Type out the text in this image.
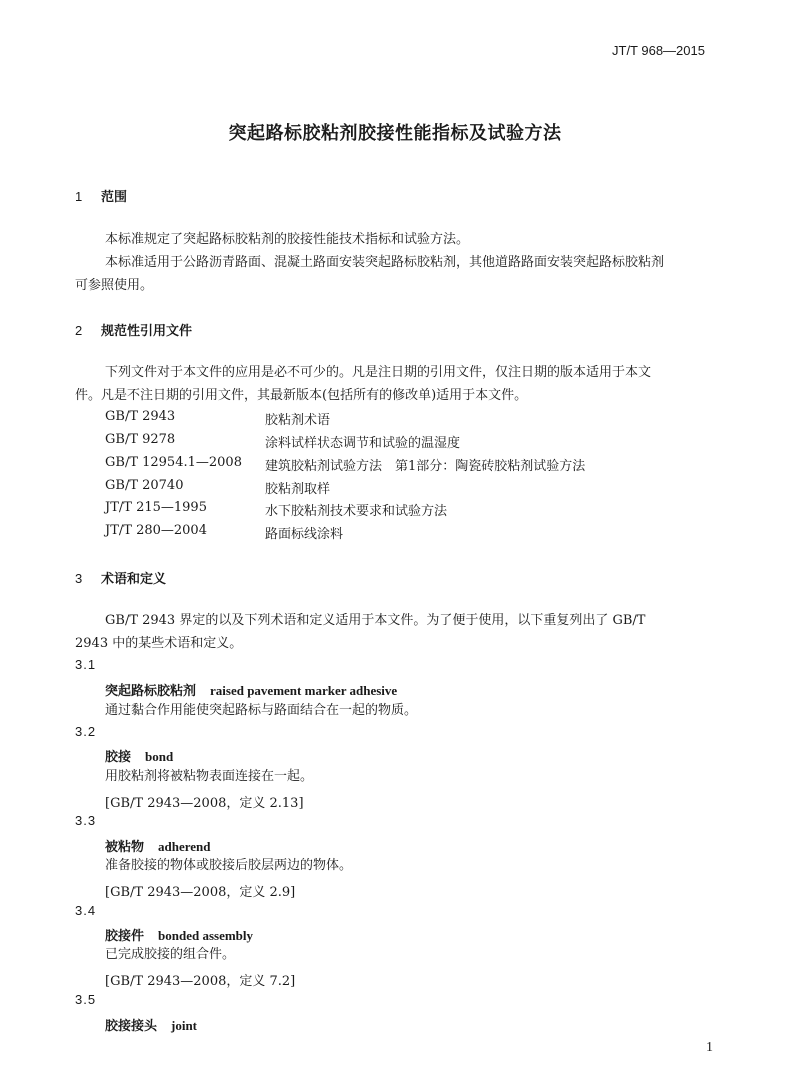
JT/T 968—2015
突起路标胶粘剂胶接性能指标及试验方法
1 范围
本标准规定了突起路标胶粘剂的胶接性能技术指标和试验方法。
本标准适用于公路沥青路面、混凝土路面安装突起路标胶粘剂，其他道路路面安装突起路标胶粘剂
可参照使用。
2 规范性引用文件
下列文件对于本文件的应用是必不可少的。凡是注日期的引用文件，仅注日期的版本适用于本文
件。凡是不注日期的引用文件，其最新版本(包括所有的修改单)适用于本文件。
GB/T 2943	胶粘剂术语
GB/T 9278	涂料试样状态调节和试验的温湿度
GB/T 12954.1—2008 建筑胶粘剂试验方法　第1部分：陶瓷砖胶粘剂试验方法
GB/T 20740	胶粘剂取样
JT/T 215—1995	水下胶粘剂技术要求和试验方法
JT/T 280—2004	路面标线涂料
3 术语和定义
GB/T 2943 界定的以及下列术语和定义适用于本文件。为了便于使用，以下重复列出了 GB/T
2943 中的某些术语和定义。
3.1
突起路标胶粘剂 raised pavement marker adhesive
通过黏合作用能使突起路标与路面结合在一起的物质。
3.2
胶接 bond
用胶粘剂将被粘物表面连接在一起。
[GB/T 2943—2008，定义 2.13]
3.3
被粘物 adherend
准备胶接的物体或胶接后胶层两边的物体。
[GB/T 2943—2008，定义 2.9]
3.4
胶接件 bonded assembly
已完成胶接的组合件。
[GB/T 2943—2008，定义 7.2]
3.5
胶接接头 joint
1
